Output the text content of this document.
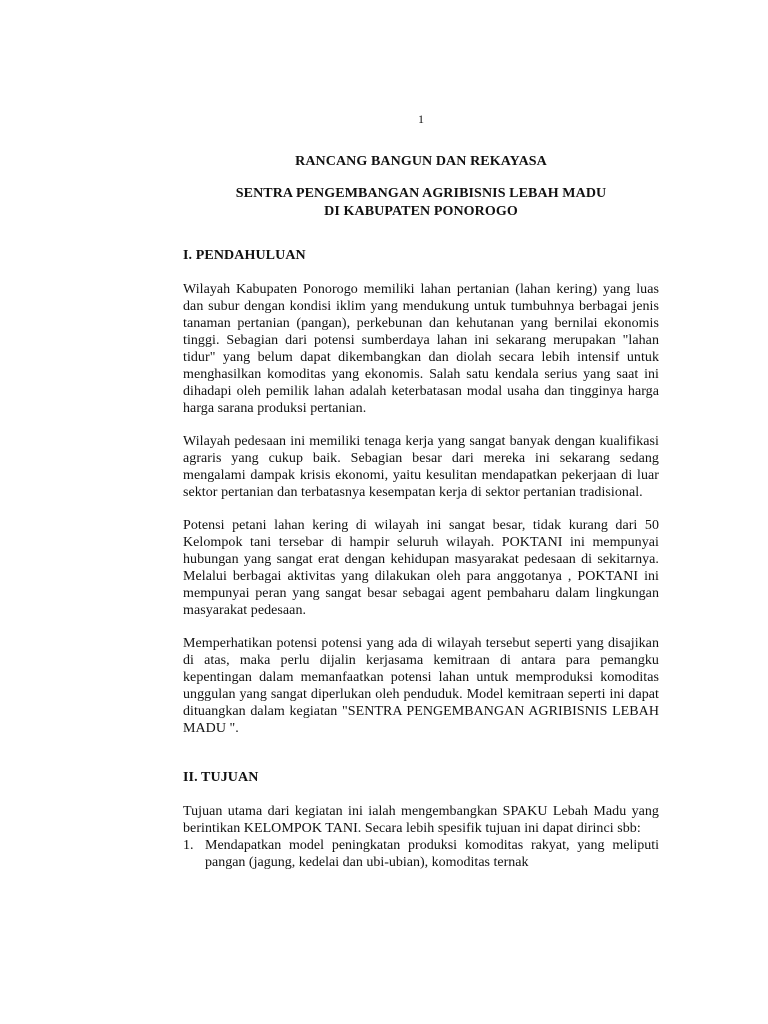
1
RANCANG BANGUN DAN REKAYASA
SENTRA PENGEMBANGAN AGRIBISNIS LEBAH MADU
DI KABUPATEN PONOROGO
I. PENDAHULUAN

Wilayah Kabupaten Ponorogo memiliki lahan pertanian (lahan kering) yang luas dan subur dengan kondisi iklim yang mendukung untuk tumbuhnya berbagai jenis tanaman pertanian (pangan), perkebunan dan kehutanan yang bernilai ekonomis tinggi. Sebagian dari potensi sumberdaya lahan ini sekarang merupakan "lahan tidur" yang belum dapat dikembangkan dan diolah secara lebih intensif untuk menghasilkan komoditas yang ekonomis. Salah satu kendala serius yang saat ini dihadapi oleh pemilik lahan adalah keterbatasan modal usaha dan tingginya harga harga sarana produksi pertanian.

Wilayah pedesaan ini memiliki tenaga kerja yang sangat banyak dengan kualifikasi agraris yang cukup baik. Sebagian besar dari mereka ini sekarang sedang mengalami dampak krisis ekonomi, yaitu kesulitan mendapatkan pekerjaan di luar sektor pertanian dan terbatasnya kesempatan kerja di sektor pertanian tradisional.

Potensi petani lahan kering di wilayah ini sangat besar, tidak kurang dari 50 Kelompok tani tersebar di hampir seluruh wilayah. POKTANI ini mempunyai hubungan yang sangat erat dengan kehidupan masyarakat pedesaan di sekitarnya. Melalui berbagai aktivitas yang dilakukan oleh para anggotanya , POKTANI ini mempunyai peran yang sangat besar sebagai agent pembaharu dalam lingkungan masyarakat pedesaan.

Memperhatikan potensi potensi yang ada di wilayah tersebut seperti yang disajikan di atas, maka perlu dijalin kerjasama kemitraan di antara para pemangku kepentingan dalam memanfaatkan potensi lahan untuk memproduksi komoditas unggulan yang sangat diperlukan oleh penduduk. Model kemitraan seperti ini dapat dituangkan dalam kegiatan "SENTRA PENGEMBANGAN AGRIBISNIS LEBAH MADU ".

II. TUJUAN

Tujuan utama dari kegiatan ini ialah mengembangkan SPAKU Lebah Madu yang berintikan KELOMPOK TANI. Secara lebih spesifik tujuan ini dapat dirinci sbb:

1. Mendapatkan model peningkatan produksi komoditas rakyat, yang meliputi pangan (jagung, kedelai dan ubi-ubian), komoditas ternak
